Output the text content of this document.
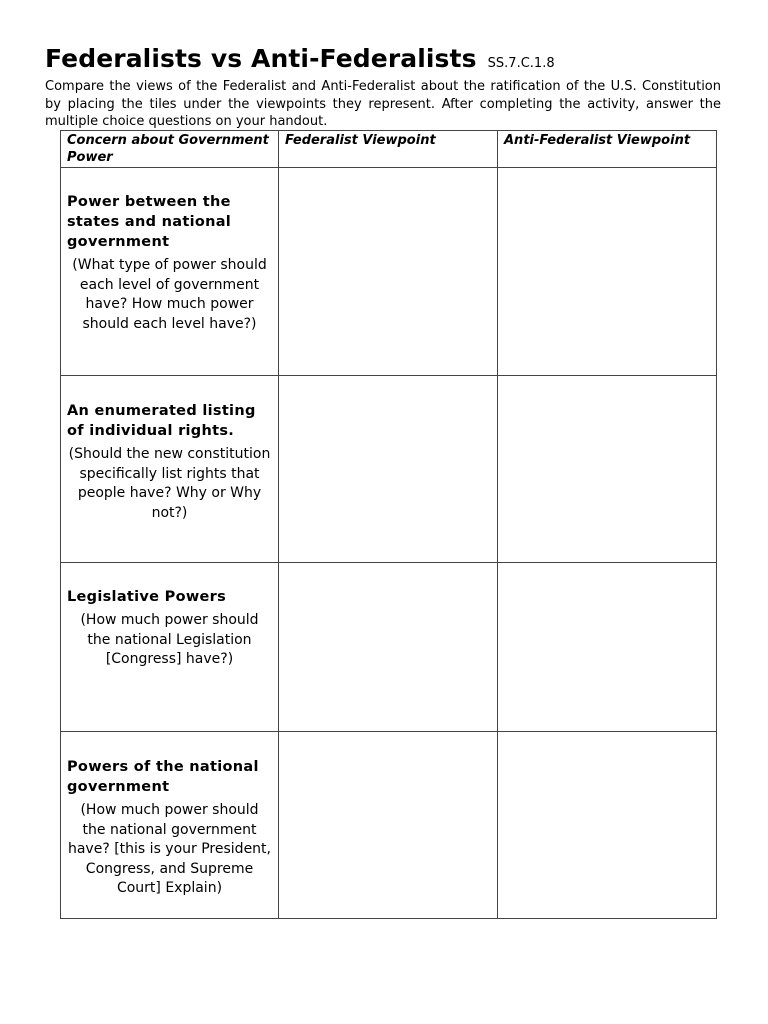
Federalists vs Anti-Federalists SS.7.C.1.8
Compare the views of the Federalist and Anti-Federalist about the ratification of the U.S. Constitution by placing the tiles under the viewpoints they represent. After completing the activity, answer the multiple choice questions on your handout.
Concern about Government Power	Federalist Viewpoint	Anti-Federalist Viewpoint

Power between the states and national government
(What type of power should each level of government have? How much power should each level have?)		

An enumerated listing of individual rights.
(Should the new constitution specifically list rights that people have? Why or Why not?)		

Legislative Powers
(How much power should the national Legislation [Congress] have?)		

Powers of the national government
(How much power should the national government have? [this is your President, Congress, and Supreme Court] Explain)		
